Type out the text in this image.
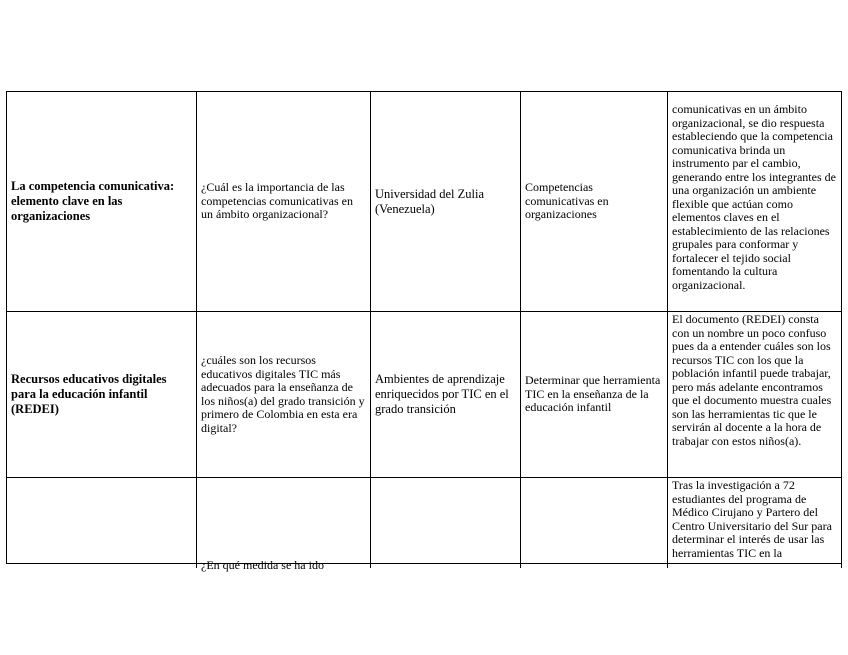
La competencia comunicativa: elemento clave en las organizaciones
¿Cuál es la importancia de las competencias comunicativas en un ámbito organizacional?
Universidad del Zulia (Venezuela)
Competencias comunicativas en organizaciones
comunicativas en un ámbito organizacional, se dio respuesta estableciendo que la competencia comunicativa brinda un instrumento par el cambio, generando entre los integrantes de una organización un ambiente flexible que actúan como elementos claves en el establecimiento de las relaciones grupales para conformar y fortalecer el tejido social fomentando la cultura organizacional.
Recursos educativos digitales para la educación infantil (REDEI)
¿cuáles son los recursos educativos digitales TIC más adecuados para la enseñanza de los niños(a) del grado transición y primero de Colombia en esta era digital?
Ambientes de aprendizaje enriquecidos por TIC en el grado transición
Determinar que herramienta TIC en la enseñanza de la educación infantil
El documento (REDEI) consta con un nombre un poco confuso pues da a entender cuáles son los recursos TIC con los que la población infantil puede trabajar, pero más adelante encontramos que el documento muestra cuales son las herramientas tic que le servirán al docente a la hora de trabajar con estos niños(a).
¿En qué medida se ha ido
Tras la investigación a 72 estudiantes del programa de Médico Cirujano y Partero del Centro Universitario del Sur para determinar el interés de usar las herramientas TIC en la
